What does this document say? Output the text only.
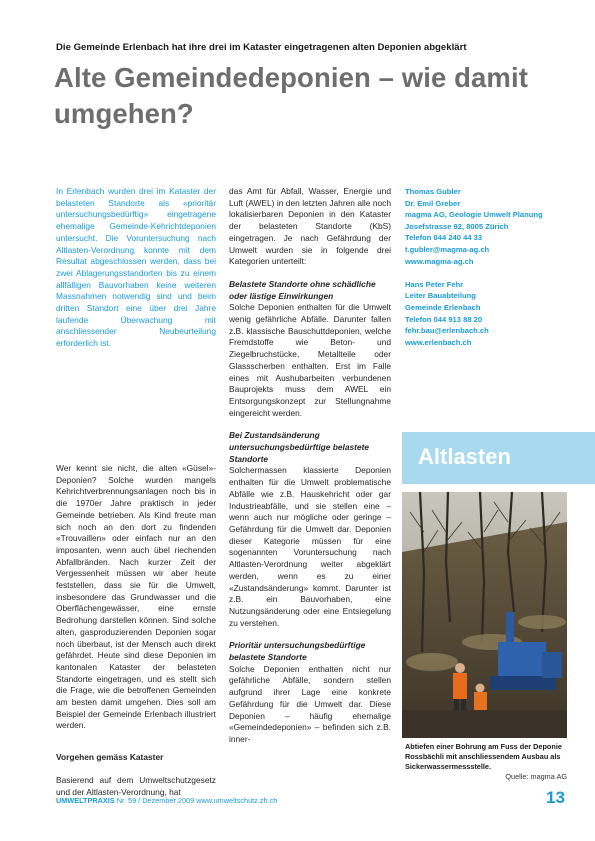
Die Gemeinde Erlenbach hat ihre drei im Kataster eingetragenen alten Deponien abgeklärt
Alte Gemeindedeponien – wie damit
umgehen?
In Erlenbach wurden drei im Kataster der belasteten Standorte als «prioritär untersuchungsbedürftig» eingetragene ehemalige Gemeinde-Kehrichtdeponien untersucht. Die Voruntersuchung nach Altlasten-Verordnung konnte mit dem Resultat abgeschlossen werden, dass bei zwei Ablagerungsstandorten bis zu einem allfälligen Bauvorhaben keine weiteren Massnahmen notwendig sind und beim dritten Standort eine über drei Jahre laufende Überwachung mit anschliessender Neubeurteilung erforderlich ist.

Wer kennt sie nicht, die alten «Güsel»-Deponien? Solche wurden mangels Kehrichtverbrennungsanlagen noch bis in die 1970er Jahre praktisch in jeder Gemeinde betrieben. Als Kind freute man sich noch an den dort zu findenden «Trouvaillen» oder einfach nur an den imposanten, wenn auch übel riechenden Abfallbränden. Nach kurzer Zeit der Vergessenheit müssen wir aber heute feststellen, dass sie für die Umwelt, insbesondere das Grundwasser und die Oberflächengewässer, eine ernste Bedrohung darstellen können. Sind solche alten, gasproduzierenden Deponien sogar noch überbaut, ist der Mensch auch direkt gefährdet. Heute sind diese Deponien im kantonalen Kataster der belasteten Standorte eingetragen, und es stellt sich die Frage, wie die betroffenen Gemeinden am besten damit umgehen. Dies soll am Beispiel der Gemeinde Erlenbach illustriert werden.

Vorgehen gemäss Kataster

Basierend auf dem Umweltschutzgesetz und der Altlasten-Verordnung, hat

das Amt für Abfall, Wasser, Energie und Luft (AWEL) in den letzten Jahren alle noch lokalisierbaren Deponien in den Kataster der belasteten Standorte (KbS) eingetragen. Je nach Gefährdung der Umwelt wurden sie in folgende drei Kategorien unterteilt:

Belastete Standorte ohne schädliche oder lästige Einwirkungen

Solche Deponien enthalten für die Umwelt wenig gefährliche Abfälle. Darunter fallen z.B. klassische Bauschuttdeponien, welche Fremdstoffe wie Beton- und Ziegelbruchstücke, Metallteile oder Glassscherben enthalten. Erst im Falle eines mit Aushubarbeiten verbundenen Bauprojekts muss dem AWEL ein Entsorgungskonzept zur Stellungnahme eingereicht werden.

Bei Zustandsänderung untersuchungsbedürftige belastete Standorte

Solchermassen klassierte Deponien enthalten für die Umwelt problematische Abfälle wie z.B. Hauskehricht oder gar Industrieabfälle, und sie stellen eine – wenn auch nur mögliche oder geringe – Gefährdung für die Umwelt dar. Deponien dieser Kategorie müssen für eine sogenannten Voruntersuchung nach Altlasten-Verordnung weiter abgeklärt werden, wenn es zu einer «Zustandsänderung» kommt. Darunter ist z.B. ein Bauvorhaben, eine Nutzungsänderung oder eine Entsiegelung zu verstehen.

Prioritär untersuchungsbedürftige belastete Standorte

Solche Deponien enthalten nicht nur gefährliche Abfälle, sondern stellen aufgrund ihrer Lage eine konkrete Gefährdung für die Umwelt dar. Diese Deponien – häufig ehemalige «Gemeindedeponien» – befinden sich z.B. inner-

Thomas Gubler
Dr. Emil Greber
magma AG, Geologie Umwelt Planung
Josefstrasse 92, 8005 Zürich
Telefon 044 240 44 33
t.gubler@magma-ag.ch
www.magma-ag.ch
Hans Peter Fehr
Leiter Bauabteilung
Gemeinde Erlenbach
Telefon 044 913 88 20
fehr.bau@erlenbach.ch
www.erlenbach.ch
Altlasten
Abtiefen einer Bohrung am Fuss der Deponie Rossbächli mit anschliessendem Ausbau als Sickerwassermessstelle.
Quelle: magma AG
UMWELTPRAXIS Nr. 59 / Dezember 2009 www.umweltschutz.zh.ch	13
